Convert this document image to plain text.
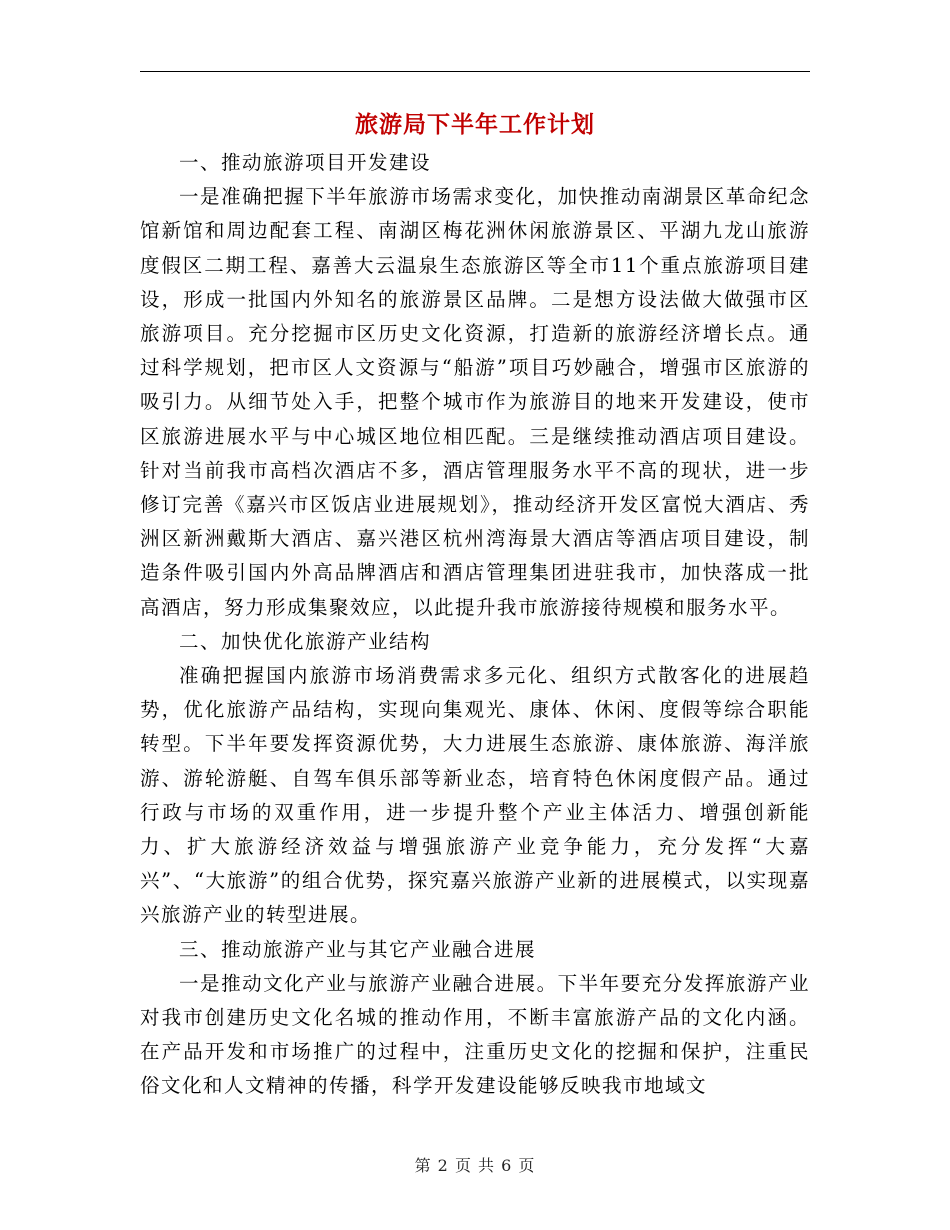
旅游局下半年工作计划

一、推动旅游项目开发建设

一是准确把握下半年旅游市场需求变化，加快推动南湖景区革命纪念馆新馆和周边配套工程、南湖区梅花洲休闲旅游景区、平湖九龙山旅游度假区二期工程、嘉善大云温泉生态旅游区等全市11个重点旅游项目建设，形成一批国内外知名的旅游景区品牌。二是想方设法做大做强市区旅游项目。充分挖掘市区历史文化资源，打造新的旅游经济增长点。通过科学规划，把市区人文资源与“船游”项目巧妙融合，增强市区旅游的吸引力。从细节处入手，把整个城市作为旅游目的地来开发建设，使市区旅游进展水平与中心城区地位相匹配。三是继续推动酒店项目建设。针对当前我市高档次酒店不多，酒店管理服务水平不高的现状，进一步修订完善《嘉兴市区饭店业进展规划》，推动经济开发区富悦大酒店、秀洲区新洲戴斯大酒店、嘉兴港区杭州湾海景大酒店等酒店项目建设，制造条件吸引国内外高品牌酒店和酒店管理集团进驻我市，加快落成一批高酒店，努力形成集聚效应，以此提升我市旅游接待规模和服务水平。

二、加快优化旅游产业结构

准确把握国内旅游市场消费需求多元化、组织方式散客化的进展趋势，优化旅游产品结构，实现向集观光、康体、休闲、度假等综合职能转型。下半年要发挥资源优势，大力进展生态旅游、康体旅游、海洋旅游、游轮游艇、自驾车俱乐部等新业态，培育特色休闲度假产品。通过行政与市场的双重作用，进一步提升整个产业主体活力、增强创新能力、扩大旅游经济效益与增强旅游产业竞争能力，充分发挥“大嘉兴”、“大旅游”的组合优势，探究嘉兴旅游产业新的进展模式，以实现嘉兴旅游产业的转型进展。

三、推动旅游产业与其它产业融合进展

一是推动文化产业与旅游产业融合进展。下半年要充分发挥旅游产业对我市创建历史文化名城的推动作用，不断丰富旅游产品的文化内涵。在产品开发和市场推广的过程中，注重历史文化的挖掘和保护，注重民俗文化和人文精神的传播，科学开发建设能够反映我市地域文

第 2 页 共 6 页
